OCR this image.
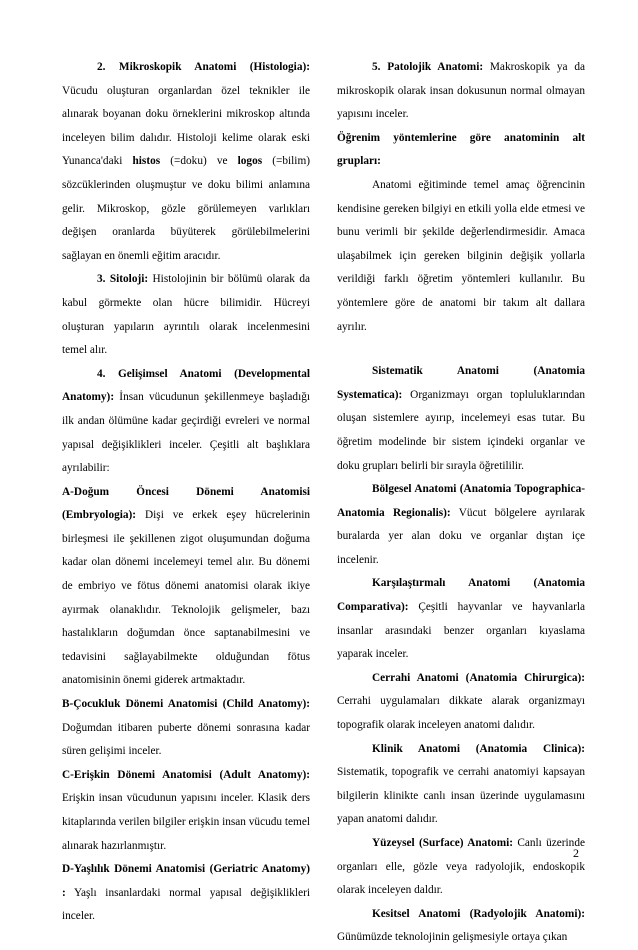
2. Mikroskopik Anatomi (Histologia): Vücudu oluşturan organlardan özel teknikler ile alınarak boyanan doku örneklerini mikroskop altında inceleyen bilim dalıdır. Histoloji kelime olarak eski Yunanca'daki histos (=doku) ve logos (=bilim) sözcüklerinden oluşmuştur ve doku bilimi anlamına gelir. Mikroskop, gözle görülemeyen varlıkları değişen oranlarda büyüterek görülebilmelerini sağlayan en önemli eğitim aracıdır.

3. Sitoloji: Histolojinin bir bölümü olarak da kabul görmekte olan hücre bilimidir. Hücreyi oluşturan yapıların ayrıntılı olarak incelenmesini temel alır.

4. Gelişimsel Anatomi (Developmental Anatomy): İnsan vücudunun şekillenmeye başladığı ilk andan ölümüne kadar geçirdiği evreleri ve normal yapısal değişiklikleri inceler. Çeşitli alt başlıklara ayrılabilir:

A-Doğum Öncesi Dönemi Anatomisi (Embryologia): Dişi ve erkek eşey hücrelerinin birleşmesi ile şekillenen zigot oluşumundan doğuma kadar olan dönemi incelemeyi temel alır. Bu dönemi de embriyo ve fötus dönemi anatomisi olarak ikiye ayırmak olanaklıdır. Teknolojik gelişmeler, bazı hastalıkların doğumdan önce saptanabilmesini ve tedavisini sağlayabilmekte olduğundan fötus anatomisinin önemi giderek artmaktadır.

B-Çocukluk Dönemi Anatomisi (Child Anatomy): Doğumdan itibaren puberte dönemi sonrasına kadar süren gelişimi inceler.

C-Erişkin Dönemi Anatomisi (Adult Anatomy): Erişkin insan vücudunun yapısını inceler. Klasik ders kitaplarında verilen bilgiler erişkin insan vücudu temel alınarak hazırlanmıştır.

D-Yaşlılık Dönemi Anatomisi (Geriatric Anatomy) : Yaşlı insanlardaki normal yapısal değişiklikleri inceler.

5. Patolojik Anatomi: Makroskopik ya da mikroskopik olarak insan dokusunun normal olmayan yapısını inceler.

Öğrenim yöntemlerine göre anatominin alt grupları:

Anatomi eğitiminde temel amaç öğrencinin kendisine gereken bilgiyi en etkili yolla elde etmesi ve bunu verimli bir şekilde değerlendirmesidir. Amaca ulaşabilmek için gereken bilginin değişik yollarla verildiği farklı öğretim yöntemleri kullanılır. Bu yöntemlere göre de anatomi bir takım alt dallara ayrılır.

Sistematik Anatomi (Anatomia Systematica): Organizmayı organ topluluklarından oluşan sistemlere ayırıp, incelemeyi esas tutar. Bu öğretim modelinde bir sistem içindeki organlar ve doku grupları belirli bir sırayla öğretililir.

Bölgesel Anatomi (Anatomia Topographica-Anatomia Regionalis): Vücut bölgelere ayrılarak buralarda yer alan doku ve organlar dıştan içe incelenir.

Karşılaştırmalı Anatomi (Anatomia Comparativa): Çeşitli hayvanlar ve hayvanlarla insanlar arasındaki benzer organları kıyaslama yaparak inceler.

Cerrahi Anatomi (Anatomia Chirurgica): Cerrahi uygulamaları dikkate alarak organizmayı topografik olarak inceleyen anatomi dalıdır.

Klinik Anatomi (Anatomia Clinica): Sistematik, topografik ve cerrahi anatomiyi kapsayan bilgilerin klinikte canlı insan üzerinde uygulamasını yapan anatomi dalıdır.

Yüzeysel (Surface) Anatomi: Canlı üzerinde organları elle, gözle veya radyolojik, endoskopik olarak inceleyen daldır.

Kesitsel Anatomi (Radyolojik Anatomi): Günümüzde teknolojinin gelişmesiyle ortaya çıkan

2
